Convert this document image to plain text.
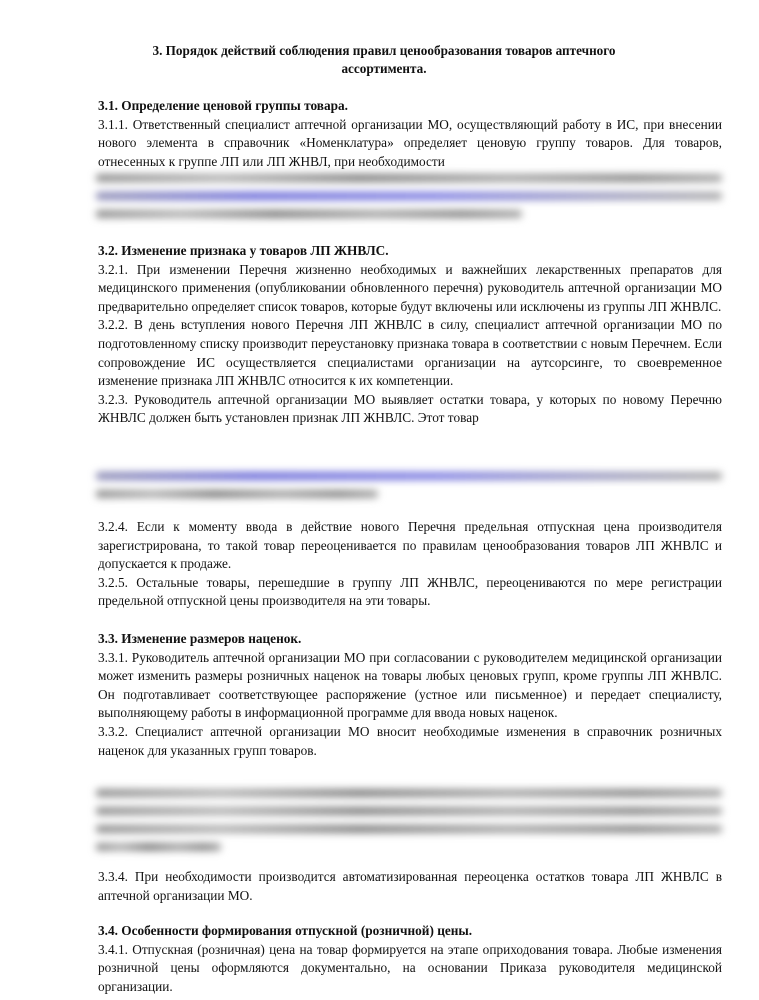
3. Порядок действий соблюдения правил ценообразования товаров аптечного ассортимента.

3.1. Определение ценовой группы товара.

3.1.1. Ответственный специалист аптечной организации МО, осуществляющий работу в ИС, при внесении нового элемента в справочник «Номенклатура» определяет ценовую группу товаров. Для товаров, отнесенных к группе ЛП или ЛП ЖНВЛ, при необходимости

3.2. Изменение признака у товаров ЛП ЖНВЛС.

3.2.1. При изменении Перечня жизненно необходимых и важнейших лекарственных препаратов для медицинского применения (опубликовании обновленного перечня) руководитель аптечной организации МО предварительно определяет список товаров, которые будут включены или исключены из группы ЛП ЖНВЛС.

3.2.2. В день вступления нового Перечня ЛП ЖНВЛС в силу, специалист аптечной организации МО по подготовленному списку производит переустановку признака товара в соответствии с новым Перечнем. Если сопровождение ИС осуществляется специалистами организации на аутсорсинге, то своевременное изменение признака ЛП ЖНВЛС относится к их компетенции.

3.2.3. Руководитель аптечной организации МО выявляет остатки товара, у которых по новому Перечню ЖНВЛС должен быть установлен признак ЛП ЖНВЛС. Этот товар

3.2.4. Если к моменту ввода в действие нового Перечня предельная отпускная цена производителя зарегистрирована, то такой товар переоценивается по правилам ценообразования товаров ЛП ЖНВЛС и допускается к продаже.

3.2.5. Остальные товары, перешедшие в группу ЛП ЖНВЛС, переоцениваются по мере регистрации предельной отпускной цены производителя на эти товары.

3.3. Изменение размеров наценок.

3.3.1. Руководитель аптечной организации МО при согласовании с руководителем медицинской организации может изменить размеры розничных наценок на товары любых ценовых групп, кроме группы ЛП ЖНВЛС. Он подготавливает соответствующее распоряжение (устное или письменное) и передает специалисту, выполняющему работы в информационной программе для ввода новых наценок.

3.3.2. Специалист аптечной организации МО вносит необходимые изменения в справочник розничных наценок для указанных групп товаров.

3.3.4. При необходимости производится автоматизированная переоценка остатков товара ЛП ЖНВЛС в аптечной организации МО.

3.4. Особенности формирования отпускной (розничной) цены.

3.4.1. Отпускная (розничная) цена на товар формируется на этапе оприходования товара. Любые изменения розничной цены оформляются документально, на основании Приказа руководителя медицинской организации.
